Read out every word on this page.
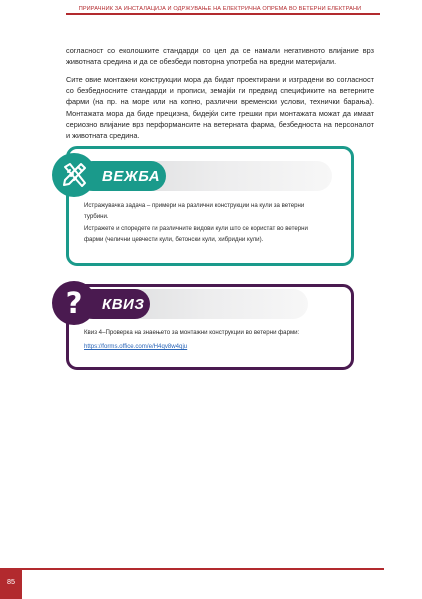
ПРИРАЧНИК ЗА ИНСТАЛАЦИЈА И ОДРЖУВАЊЕ НА ЕЛЕКТРИЧНА ОПРЕМА ВО ВЕТЕРНИ ЕЛЕКТРАНИ
согласност со еколошките стандарди со цел да се намали негативното влијание врз животната средина и да се обезбеди повторна употреба на вредни материјали.
Сите овие монтажни конструкции мора да бидат проектирани и изградени во согласност со безбедносните стандарди и прописи, земајќи ги предвид спецификите на ветерните фарми (на пр. на море или на копно, различни временски услови, технички барања). Монтажата мора да биде прецизна, бидејќи сите грешки при монтажата можат да имаат сериозно влијание врз перформансите на ветерната фарма, безбедноста на персоналот и животната средина.
ВЕЖБА
Истражувачка задача – примери на различни конструкции на кули за ветерни
турбини.
Истражете и споредете ги различните видови кули што се користат во ветерни
фарми (челични цевчести кули, бетонски кули, хибридни кули).
КВИЗ
?
Квиз 4–Проверка на знаењето за монтажни конструкции во ветерни фарми:
https://forms.office.com/e/H4qv8w4qju
85
